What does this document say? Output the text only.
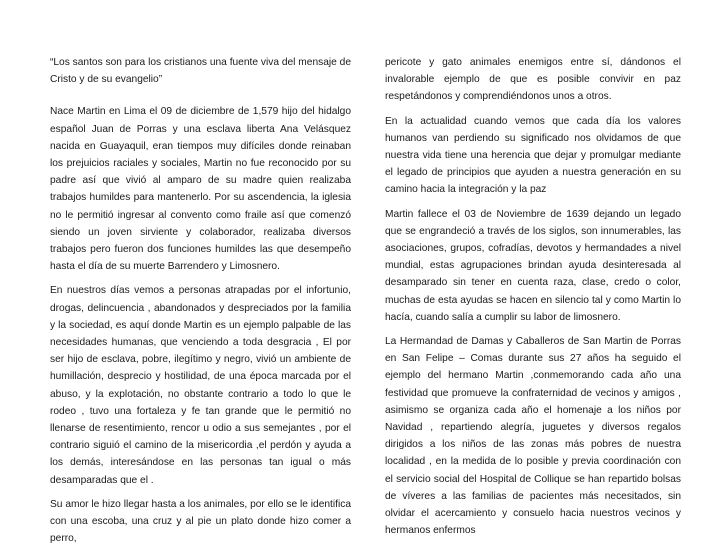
“Los santos son para los cristianos una fuente viva del mensaje de Cristo y de su evangelio”

Nace Martin en Lima el 09 de diciembre de 1,579 hijo del hidalgo español Juan de Porras y una esclava liberta Ana Velásquez nacida en Guayaquil, eran tiempos muy difíciles donde reinaban los prejuicios raciales y sociales, Martin no fue reconocido por su padre así que vivió al amparo de su madre quien realizaba trabajos humildes para mantenerlo. Por su ascendencia, la iglesia no le permitió ingresar al convento como fraile así que comenzó siendo un joven sirviente y colaborador, realizaba diversos trabajos pero fueron dos funciones humildes las que desempeño hasta el día de su muerte Barrendero y Limosnero.

En nuestros días vemos a personas atrapadas por el infortunio, drogas, delincuencia , abandonados y despreciados por la familia y la sociedad, es aquí donde Martin es un ejemplo palpable de las necesidades humanas, que venciendo a toda desgracia , El por ser hijo de esclava, pobre, ilegítimo y negro, vivió un ambiente de humillación, desprecio y hostilidad, de una época marcada por el abuso, y la explotación, no obstante contrario a todo lo que le rodeo , tuvo una fortaleza y fe tan grande que le permitió no llenarse de resentimiento, rencor u odio a sus semejantes , por el contrario siguió el camino de la misericordia ,el perdón y ayuda a los demás, interesándose en las personas tan igual o más desamparadas que el .

Su amor le hizo llegar hasta a los animales, por ello se le identifica con una escoba, una cruz y al pie un plato donde hizo comer a perro,

pericote y gato animales enemigos entre sí, dándonos el invalorable ejemplo de que es posible convivir en paz respetándonos y comprendiéndonos unos a otros.

En la actualidad cuando vemos que cada día los valores humanos van perdiendo su significado nos olvidamos de que nuestra vida tiene una herencia que dejar y promulgar mediante el legado de principios que ayuden a nuestra generación en su camino hacia la integración y la paz

Martin fallece el 03 de Noviembre de 1639 dejando un legado que se engrandeció a través de los siglos, son innumerables, las asociaciones, grupos, cofradías, devotos y hermandades a nivel mundial, estas agrupaciones brindan ayuda desinteresada al desamparado sin tener en cuenta raza, clase, credo o color, muchas de esta ayudas se hacen en silencio tal y como Martin lo hacía, cuando salía a cumplir su labor de limosnero.

La Hermandad de Damas y Caballeros de San Martin de Porras en San Felipe – Comas durante sus 27 años ha seguido el ejemplo del hermano Martin ,conmemorando cada año una festividad que promueve la confraternidad de vecinos y amigos , asimismo se organiza cada año el homenaje a los niños por Navidad , repartiendo alegría, juguetes y diversos regalos dirigidos a los niños de las zonas más pobres de nuestra localidad , en la medida de lo posible y previa coordinación con el servicio social del Hospital de Collique se han repartido bolsas de víveres a las familias de pacientes más necesitados, sin olvidar el acercamiento y consuelo hacia nuestros vecinos y hermanos enfermos
